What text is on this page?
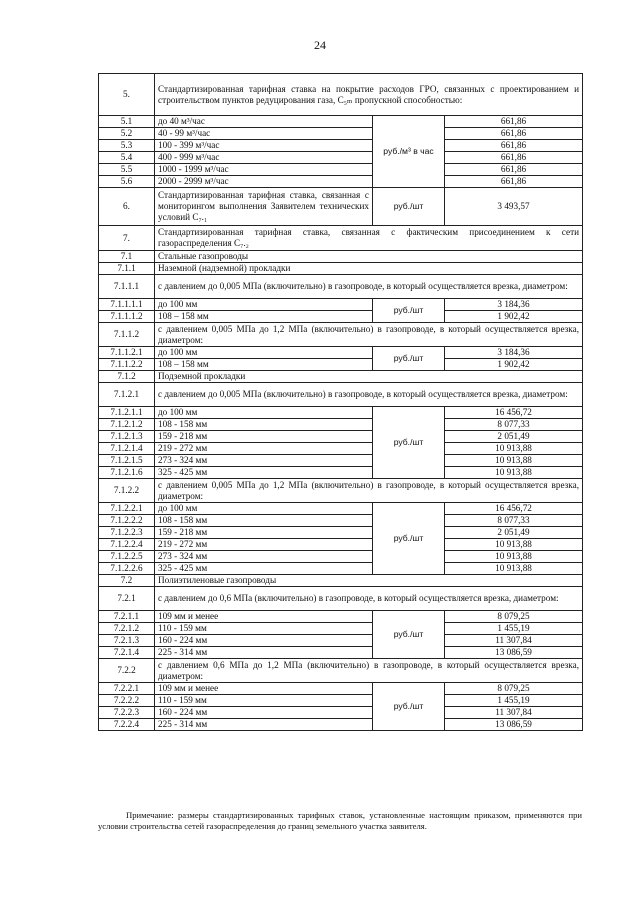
24
5.	Стандартизированная тарифная ставка на покрытие расходов ГРО, связанных с проектированием и строительством пунктов редуцирования газа, C₅ₘ пропускной способностью:		
5.1	до 40 м³/час	руб./м³ в час	661,86
5.2	40 - 99 м³/час		661,86
5.3	100 - 399 м³/час		661,86
5.4	400 - 999 м³/час		661,86
5.5	1000 - 1999 м³/час		661,86
5.6	2000 - 2999 м³/час		661,86
6.	Стандартизированная тарифная ставка, связанная с мониторингом выполнения Заявителем технических условий C₇.₁	руб./шт	3 493,57
7.	Стандартизированная тарифная ставка, связанная с фактическим присоединением к сети газораспределения C₇.₂		
7.1	Стальные газопроводы		
7.1.1	Наземной (надземной) прокладки		
7.1.1.1	с давлением до 0,005 МПа (включительно) в газопроводе, в который осуществляется врезка, диаметром:		
7.1.1.1.1	до 100 мм	руб./шт	3 184,36
7.1.1.1.2	108 – 158 мм		1 902,42
7.1.1.2	с давлением 0,005 МПа до 1,2 МПа (включительно) в газопроводе, в который осуществляется врезка, диаметром:		
7.1.1.2.1	до 100 мм	руб./шт	3 184,36
7.1.1.2.2	108 – 158 мм		1 902,42
7.1.2	Подземной прокладки		
7.1.2.1	с давлением до 0,005 МПа (включительно) в газопроводе, в который осуществляется врезка, диаметром:		
7.1.2.1.1	до 100 мм	руб./шт	16 456,72
7.1.2.1.2	108 - 158 мм		8 077,33
7.1.2.1.3	159 - 218 мм		2 051,49
7.1.2.1.4	219 - 272 мм		10 913,88
7.1.2.1.5	273 - 324 мм		10 913,88
7.1.2.1.6	325 - 425 мм		10 913,88
7.1.2.2	с давлением 0,005 МПа до 1,2 МПа (включительно) в газопроводе, в который осуществляется врезка, диаметром:		
7.1.2.2.1	до 100 мм	руб./шт	16 456,72
7.1.2.2.2	108 - 158 мм		8 077,33
7.1.2.2.3	159 - 218 мм		2 051,49
7.1.2.2.4	219 - 272 мм		10 913,88
7.1.2.2.5	273 - 324 мм		10 913,88
7.1.2.2.6	325 - 425 мм		10 913,88
7.2	Полиэтиленовые газопроводы		
7.2.1	с давлением до 0,6 МПа (включительно) в газопроводе, в который осуществляется врезка, диаметром:		
7.2.1.1	109 мм и менее	руб./шт	8 079,25
7.2.1.2	110 - 159 мм		1 455,19
7.2.1.3	160 - 224 мм		11 307,84
7.2.1.4	225 - 314 мм		13 086,59
7.2.2	с давлением 0,6 МПа до 1,2 МПа (включительно) в газопроводе, в который осуществляется врезка, диаметром:		
7.2.2.1	109 мм и менее	руб./шт	8 079,25
7.2.2.2	110 - 159 мм		1 455,19
7.2.2.3	160 - 224 мм		11 307,84
7.2.2.4	225 - 314 мм		13 086,59
Примечание: размеры стандартизированных тарифных ставок, установленные настоящим приказом, применяются при условии строительства сетей газораспределения до границ земельного участка заявителя.
